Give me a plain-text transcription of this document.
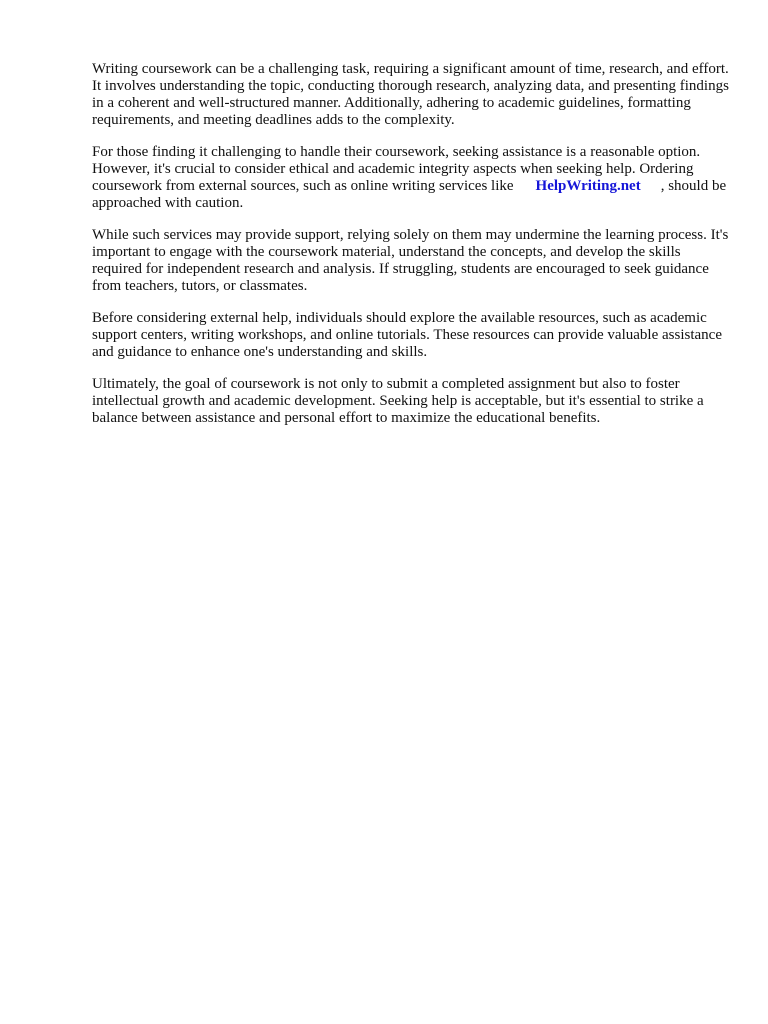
Writing coursework can be a challenging task, requiring a significant amount of time, research, and effort. It involves understanding the topic, conducting thorough research, analyzing data, and presenting findings in a coherent and well-structured manner. Additionally, adhering to academic guidelines, formatting requirements, and meeting deadlines adds to the complexity.

For those finding it challenging to handle their coursework, seeking assistance is a reasonable option. However, it's crucial to consider ethical and academic integrity aspects when seeking help. Ordering coursework from external sources, such as online writing services like HelpWriting.net , should be approached with caution.

While such services may provide support, relying solely on them may undermine the learning process. It's important to engage with the coursework material, understand the concepts, and develop the skills required for independent research and analysis. If struggling, students are encouraged to seek guidance from teachers, tutors, or classmates.

Before considering external help, individuals should explore the available resources, such as academic support centers, writing workshops, and online tutorials. These resources can provide valuable assistance and guidance to enhance one's understanding and skills.

Ultimately, the goal of coursework is not only to submit a completed assignment but also to foster intellectual growth and academic development. Seeking help is acceptable, but it's essential to strike a balance between assistance and personal effort to maximize the educational benefits.
